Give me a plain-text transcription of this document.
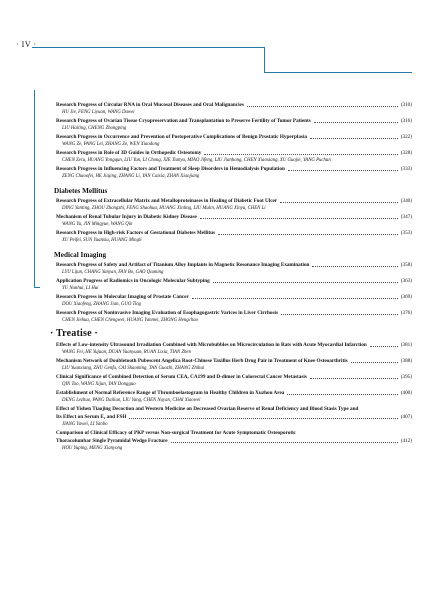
· IV ·
Research Progress of Circular RNA in Oral Mucosal Diseases and Oral Malignancies	(310)
HU Jie, FENG Liyuan, WANG Dawei
Research Progress of Ovarian Tissue Cryopreservation and Transplantation to Preserve Fertility of Tumor Patients	(316)
LIU Hailing, CHENG Zhongping
Research Progress in Occurrence and Prevention of Postoperative Complications of Benign Prostatic Hyperplasia	(322)
WANG Ze, PANG Lei, ZHANG Ze, WEN Xiaodong
Research Progress in Role of 3D Guides in Orthopedic Osteotomy	(328)
CHEN Zeru, HUANG Yongqun, LIU Yun, LI Chong, XIE Tianyu, MIAO Jifeng, LIU Jianhong, CHEN Xiaoxiang, XU Guojie, YANG Puchun
Research Progress in Influencing Factors and Treatment of Sleep Disorders in Hemodialysis Population	(333)
ZENG Chaoofei, HE Jiajing, ZHANG Li, YAN Caixia, ZHAN Xiaojiang
Diabetes Mellitus
Research Progress of Extracellular Matrix and Metalloproteinases in Healing of Diabetic Foot Ulcer	(340)
DING Yanting, ZHOU Zhongzhi, FENG Shaohua, HUANG Xinling, LIU Mulin, HUANG Xinyu, CHEN Li
Mechanism of Renal Tubular Injury in Diabetic Kidney Disease	(347)
WANG Yu, JIN Mingyue, WANG Qin
Research Progress in High-risk Factors of Gestational Diabetes Mellitus	(353)
XU Peifei, SUN Yuanxiu, HUANG Mingli
Medical Imaging
Research Progress of Safety and Artifact of Titanium Alloy Implants in Magnetic Resonance Imaging Examination	(358)
LYU Lijun, CHANG Yanyan, FAN Bo, GAO Qiuming
Application Progress of Radiomics in Oncologic Molecular Subtyping	(363)
YU Nanhui, LI Hui
Research Progress in Molecular Imaging of Prostate Cancer	(369)
DOU Xiaofeng, ZHANG Jian, GUO Ting
Research Progress of Noninvasive Imaging Evaluation of Esophagogastric Varices in Liver Cirrhosis	(376)
CHEN Jiehua, CHEN Chengwei, HUANG Yanmei, ZHONG Hengchao
· Treatise ·
Effects of Low-intensity Ultrasound Irradiation Combined with Microbubbles on Microcirculation in Rats with Acute Myocardial Infarction	(381)
WANG Fei, HE Yujuan, DUAN Yuanyuan, RUAN Lixia, TIAN Zhen
Mechanism Network of Doubletooth Pubescent Angelica Root-Chinese Taxillus Herb Drug Pair in Treatment of Knee Osteoarthritis	(388)
LIU Yuanxiang, ZHU Genfu, CAI Shaoming, TAN Guozhi, ZHANG Zhihui
Clinical Significance of Combined Detection of Serum CEA, CA199 and D-dimer in Colorectal Cancer Metastasis	(395)
QIN Tao, WANG Xijun, YAN Dongguo
Establishment of Normal Reference Range of Thromboelastogram in Healthy Children in Xuzhou Area	(400)
DENG Lezhuo, PANG Dailian, LIU Yang, CHEN Nayan, CHAI Xiaowei
Effect of Yishen Tiaojing Decoction and Western Medicine on Decreased Ovarian Reserve of Renal Deficiency and Blood Stasis Type and
Its Effect on Serum E₂ and FSH	(407)
JIANG Yawei, LI Yanbo
Comparison of Clinical Efficacy of PKP versus Non-surgical Treatment for Acute Symptomatic Osteoporotic
Thoracolumbar Single Pyramidal Wedge Fracture	(412)
HOU Yuping, MENG Xianyong
